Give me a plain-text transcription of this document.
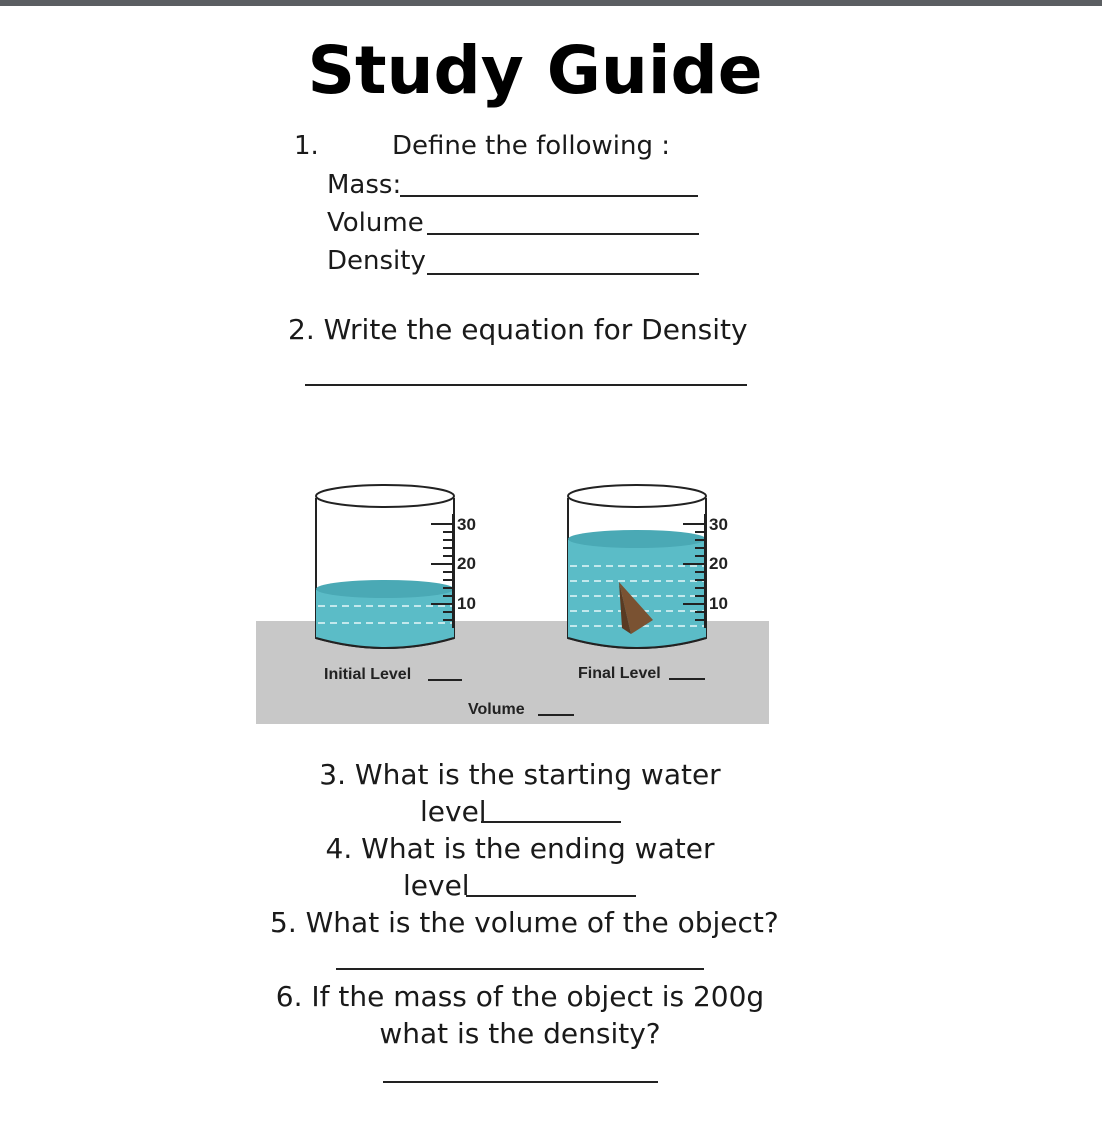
Study Guide
1.	Define the following :
Mass:
Volume
Density
2. Write the equation for Density
30
20
10
30
20
10
Initial Level	Final Level
Volume
3. What is the starting water
level
4. What is the ending water
level
5. What is the volume of the object?
6. If the mass of the object is 200g
what is the density?
